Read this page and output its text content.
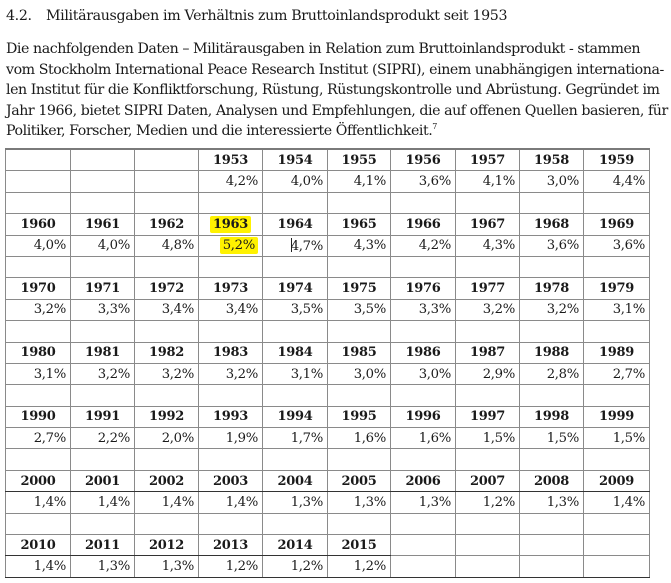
4.2. Militärausgaben im Verhältnis zum Bruttoinlandsprodukt seit 1953
Die nachfolgenden Daten – Militärausgaben in Relation zum Bruttoinlandsprodukt - stammen
vom Stockholm International Peace Research Institut (SIPRI), einem unabhängigen internationa-
len Institut für die Konfliktforschung, Rüstung, Rüstungskontrolle und Abrüstung. Gegründet im
Jahr 1966, bietet SIPRI Daten, Analysen und Empfehlungen, die auf offenen Quellen basieren, für
Politiker, Forscher, Medien und die interessierte Öffentlichkeit.$^7$
			1953	1954	1955	1956	1957	1958	1959
			4,2%	4,0%	4,1%	3,6%	4,1%	3,0%	4,4%

1960	1961	1962	1963	1964	1965	1966	1967	1968	1969
4,0%	4,0%	4,8%	5,2%	4,7%	4,3%	4,2%	4,3%	3,6%	3,6%

1970	1971	1972	1973	1974	1975	1976	1977	1978	1979
3,2%	3,3%	3,4%	3,4%	3,5%	3,5%	3,3%	3,2%	3,2%	3,1%

1980	1981	1982	1983	1984	1985	1986	1987	1988	1989
3,1%	3,2%	3,2%	3,2%	3,1%	3,0%	3,0%	2,9%	2,8%	2,7%

1990	1991	1992	1993	1994	1995	1996	1997	1998	1999
2,7%	2,2%	2,0%	1,9%	1,7%	1,6%	1,6%	1,5%	1,5%	1,5%

2000	2001	2002	2003	2004	2005	2006	2007	2008	2009
1,4%	1,4%	1,4%	1,4%	1,3%	1,3%	1,3%	1,2%	1,3%	1,4%

2010	2011	2012	2013	2014	2015				
1,4%	1,3%	1,3%	1,2%	1,2%	1,2%				
